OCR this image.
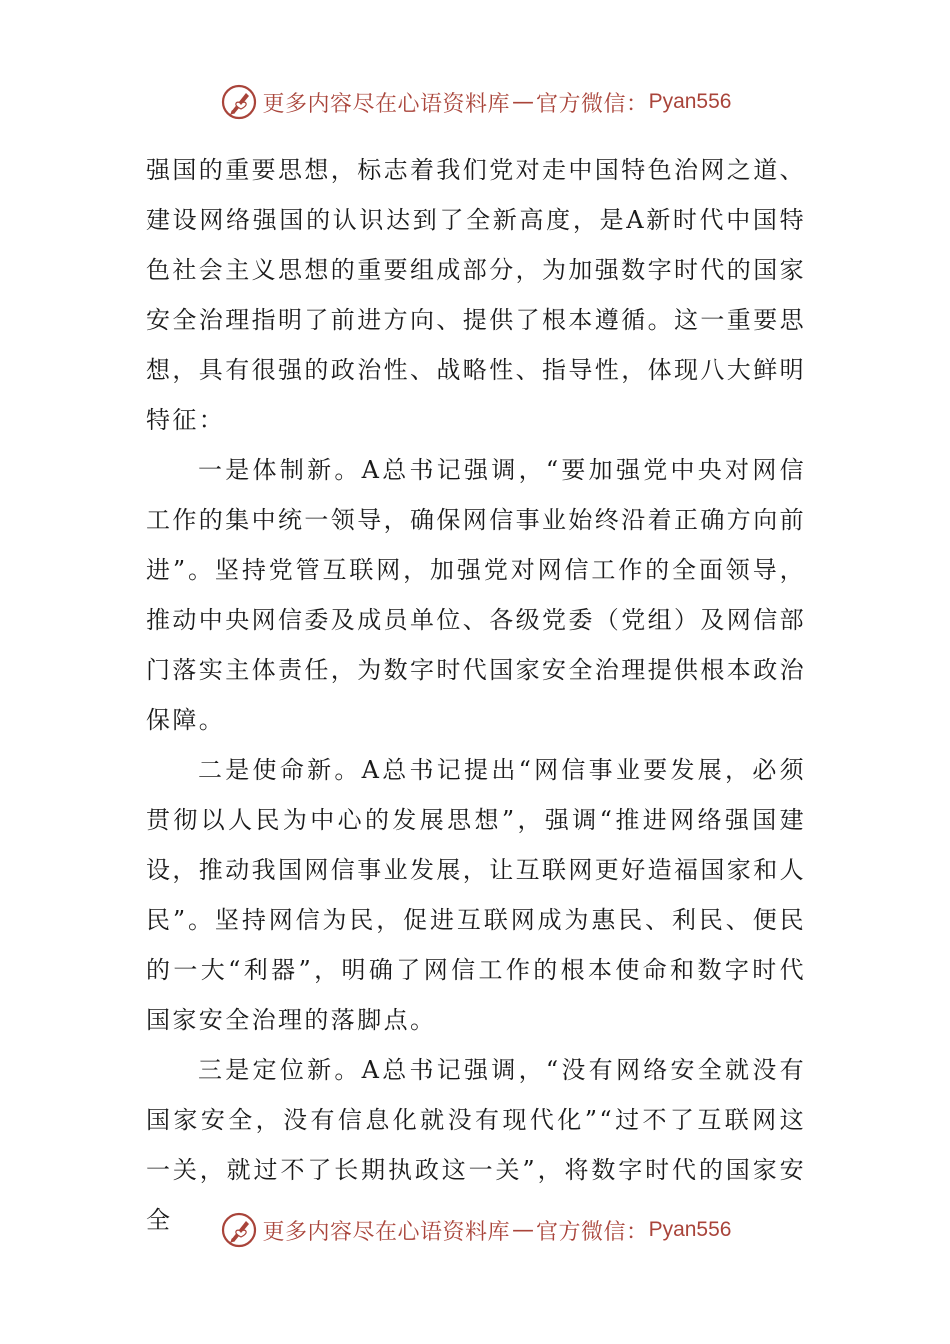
更多内容尽在心语资料库 — 官方微信： Pyan556

强国的重要思想，标志着我们党对走中国特色治网之道、建设网络强国的认识达到了全新高度，是A新时代中国特色社会主义思想的重要组成部分，为加强数字时代的国家安全治理指明了前进方向、提供了根本遵循。这一重要思想，具有很强的政治性、战略性、指导性，体现八大鲜明特征：

一是体制新。A总书记强调，“要加强党中央对网信工作的集中统一领导，确保网信事业始终沿着正确方向前进”。坚持党管互联网，加强党对网信工作的全面领导，推动中央网信委及成员单位、各级党委（党组）及网信部门落实主体责任，为数字时代国家安全治理提供根本政治保障。

二是使命新。A总书记提出“网信事业要发展，必须贯彻以人民为中心的发展思想”，强调“推进网络强国建设，推动我国网信事业发展，让互联网更好造福国家和人民”。坚持网信为民，促进互联网成为惠民、利民、便民的一大“利器”，明确了网信工作的根本使命和数字时代国家安全治理的落脚点。

三是定位新。A总书记强调，“没有网络安全就没有国家安全，没有信息化就没有现代化”“过不了互联网这一关，就过不了长期执政这一关”，将数字时代的国家安全	更多内容尽在心语资料库 — 官方微信： Pyan556
